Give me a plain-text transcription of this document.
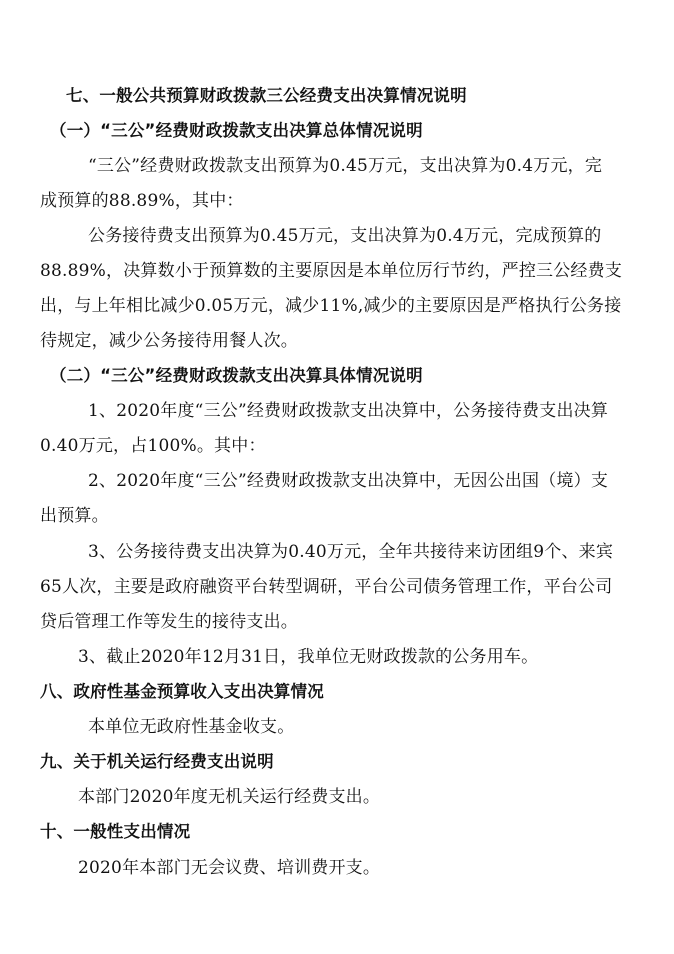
七、一般公共预算财政拨款三公经费支出决算情况说明
（一）“三公”经费财政拨款支出决算总体情况说明
“三公”经费财政拨款支出预算为0.45万元，支出决算为0.4万元，完
成预算的88.89%，其中：
公务接待费支出预算为0.45万元，支出决算为0.4万元，完成预算的
88.89%，决算数小于预算数的主要原因是本单位厉行节约，严控三公经费支
出，与上年相比减少0.05万元，减少11%,减少的主要原因是严格执行公务接
待规定，减少公务接待用餐人次。
（二）“三公”经费财政拨款支出决算具体情况说明
1、2020年度“三公”经费财政拨款支出决算中，公务接待费支出决算
0.40万元，占100%。其中：
2、2020年度“三公”经费财政拨款支出决算中，无因公出国（境）支
出预算。
3、公务接待费支出决算为0.40万元，全年共接待来访团组9个、来宾
65人次，主要是政府融资平台转型调研，平台公司债务管理工作，平台公司
贷后管理工作等发生的接待支出。
3、截止2020年12月31日，我单位无财政拨款的公务用车。
八、政府性基金预算收入支出决算情况
本单位无政府性基金收支。
九、关于机关运行经费支出说明
本部门2020年度无机关运行经费支出。
十、一般性支出情况
2020年本部门无会议费、培训费开支。
